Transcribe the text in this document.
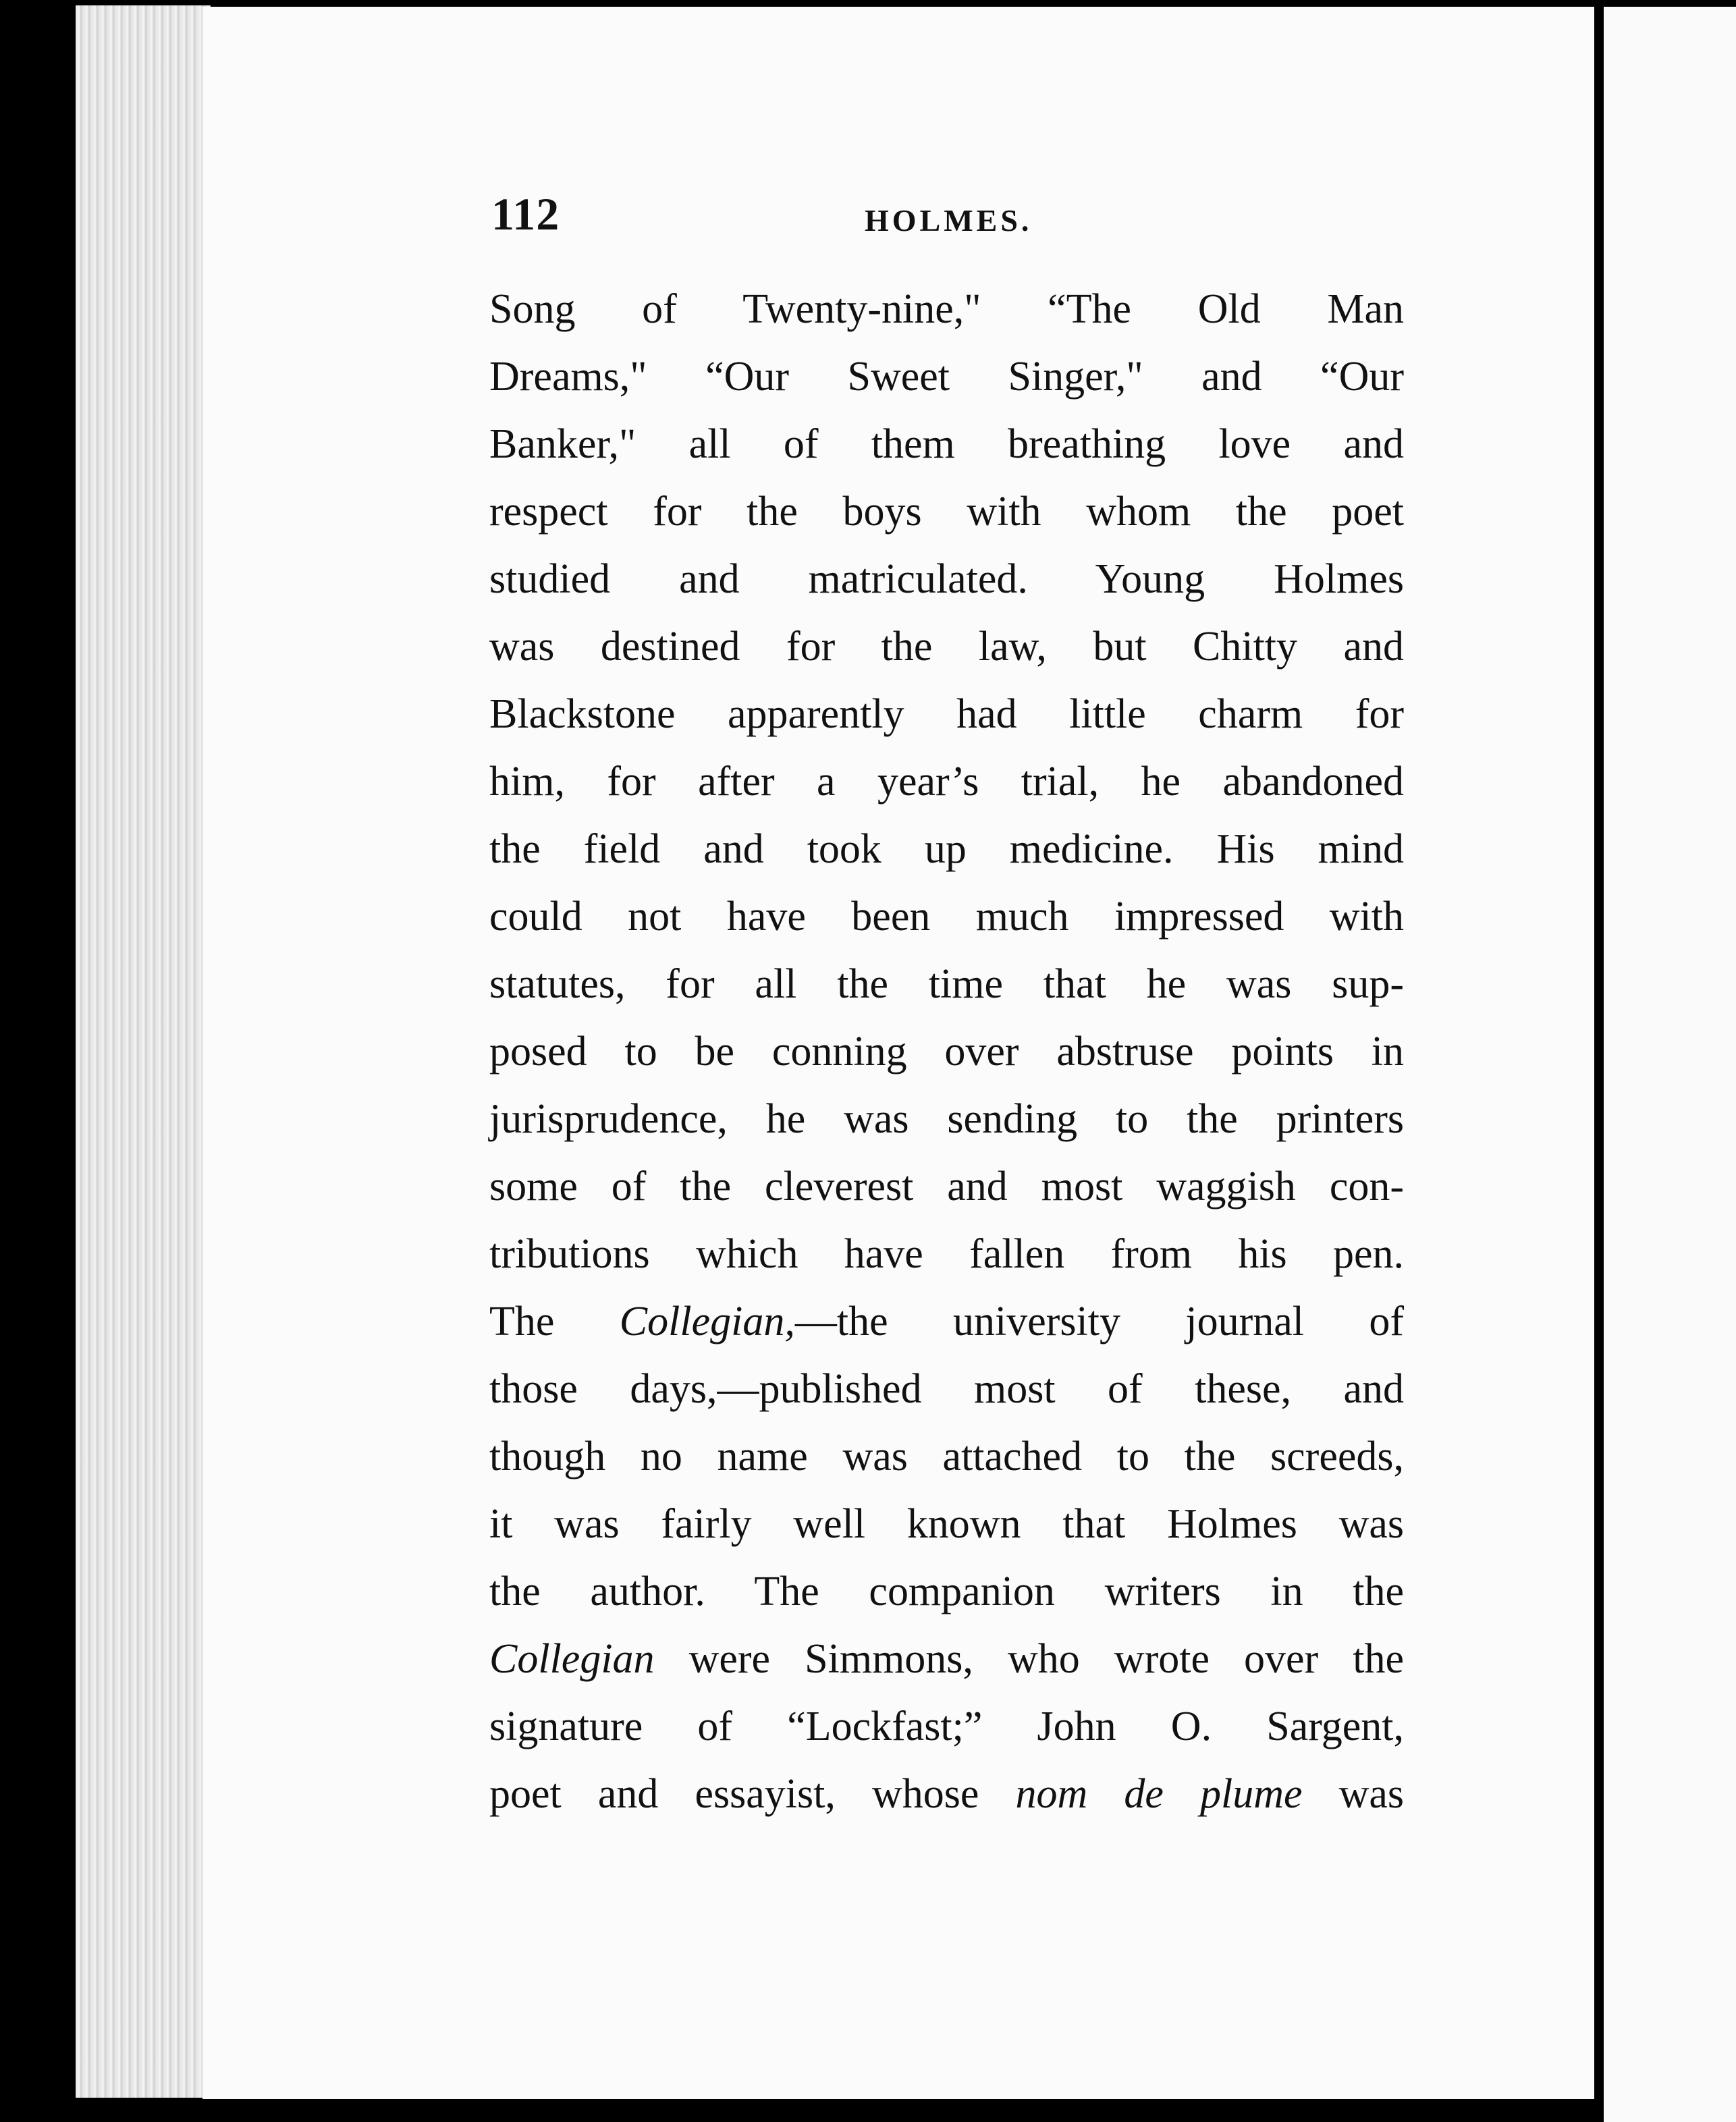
112	HOLMES.
Song of Twenty-nine," “The Old Man
Dreams," “Our Sweet Singer," and “Our
Banker," all of them breathing love and
respect for the boys with whom the poet
studied and matriculated. Young Holmes
was destined for the law, but Chitty and
Blackstone apparently had little charm for
him, for after a year’s trial, he abandoned
the field and took up medicine. His mind
could not have been much impressed with
statutes, for all the time that he was sup-
posed to be conning over abstruse points in
jurisprudence, he was sending to the printers
some of the cleverest and most waggish con-
tributions which have fallen from his pen.
The Collegian,—the university journal of
those days,—published most of these, and
though no name was attached to the screeds,
it was fairly well known that Holmes was
the author. The companion writers in the
Collegian were Simmons, who wrote over the
signature of “Lockfast;” John O. Sargent,
poet and essayist, whose nom de plume was
